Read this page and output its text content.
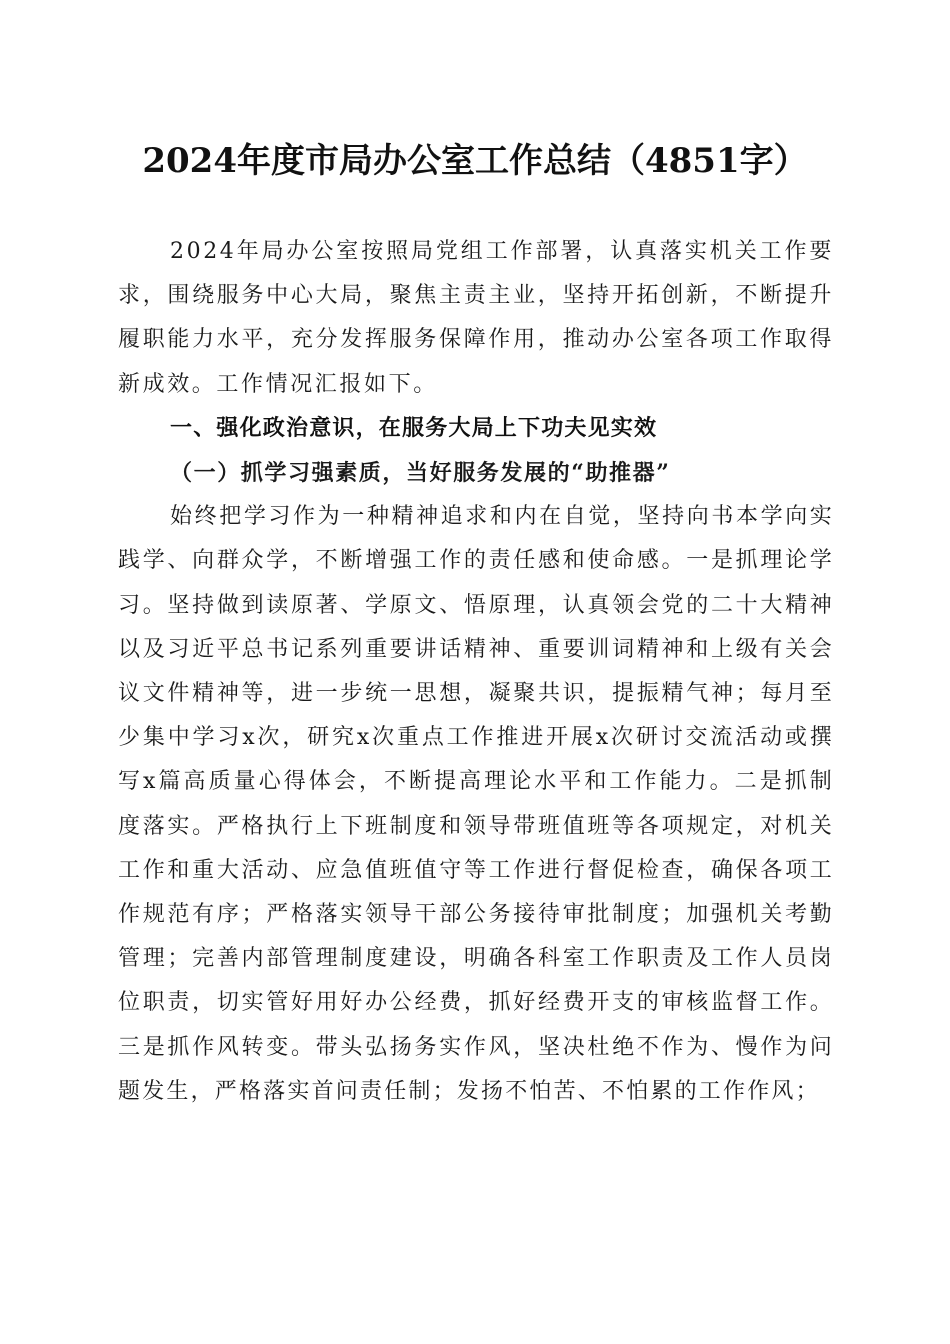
2024年度市局办公室工作总结（4851字）

2024年局办公室按照局党组工作部署，认真落实机关工作要求，围绕服务中心大局，聚焦主责主业，坚持开拓创新，不断提升履职能力水平，充分发挥服务保障作用，推动办公室各项工作取得新成效。工作情况汇报如下。

一、强化政治意识，在服务大局上下功夫见实效

（一）抓学习强素质，当好服务发展的“助推器”

始终把学习作为一种精神追求和内在自觉，坚持向书本学向实践学、向群众学，不断增强工作的责任感和使命感。一是抓理论学习。坚持做到读原著、学原文、悟原理，认真领会党的二十大精神以及习近平总书记系列重要讲话精神、重要训词精神和上级有关会议文件精神等，进一步统一思想，凝聚共识，提振精气神；每月至少集中学习x次，研究x次重点工作推进开展x次研讨交流活动或撰写x篇高质量心得体会，不断提高理论水平和工作能力。二是抓制度落实。严格执行上下班制度和领导带班值班等各项规定，对机关工作和重大活动、应急值班值守等工作进行督促检查，确保各项工作规范有序；严格落实领导干部公务接待审批制度；加强机关考勤管理；完善内部管理制度建设，明确各科室工作职责及工作人员岗位职责，切实管好用好办公经费，抓好经费开支的审核监督工作。三是抓作风转变。带头弘扬务实作风，坚决杜绝不作为、慢作为问题发生，严格落实首问责任制；发扬不怕苦、不怕累的工作作风；
